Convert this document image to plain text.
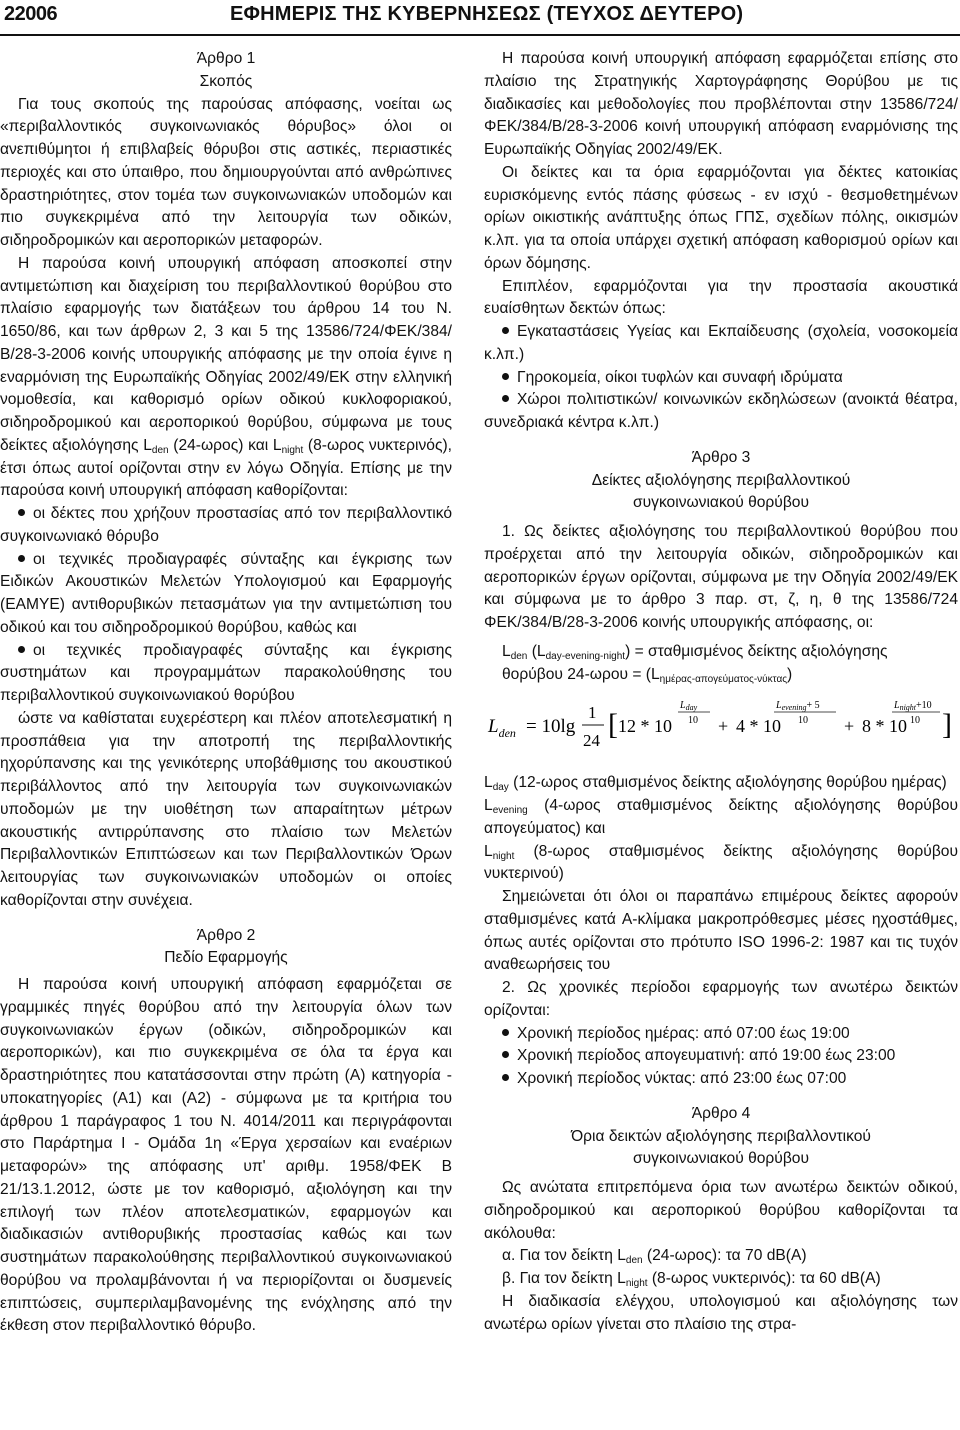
22006	ΕΦΗΜΕΡΙΣ ΤΗΣ ΚΥΒΕΡΝΗΣΕΩΣ (ΤΕΥΧΟΣ ΔΕΥΤΕΡΟ)

Άρθρο 1

Σκοπός

Για τους σκοπούς της παρούσας απόφασης, νοείται ως «περιβαλλοντικός συγκοινωνιακός θόρυβος» όλοι οι ανεπιθύμητοι ή επιβλαβείς θόρυβοι στις αστικές, περιαστικές περιοχές και στο ύπαιθρο, που δημιουργούνται από ανθρώπινες δραστηριότητες, στον τομέα των συγκοινωνιακών υποδομών και πιο συγκεκριμένα από την λειτουργία των οδικών, σιδηροδρομικών και αεροπορικών μεταφορών.

Η παρούσα κοινή υπουργική απόφαση αποσκοπεί στην αντιμετώπιση και διαχείριση του περιβαλλοντικού θορύβου στο πλαίσιο εφαρμογής των διατάξεων του άρθρου 14 του Ν. 1650/86, και των άρθρων 2, 3 και 5 της 13586/724/ΦΕΚ/384/Β/28-3-2006 κοινής υπουργικής απόφασης με την οποία έγινε η εναρμόνιση της Ευρωπαϊκής Οδηγίας 2002/49/ΕΚ στην ελληνική νομοθεσία, και καθορισμό ορίων οδικού κυκλοφοριακού, σιδηροδρομικού και αεροπορικού θορύβου, σύμφωνα με τους δείκτες αξιολόγησης $L_{den}$ (24-ωρος) και $L_{night}$ (8-ωρος νυκτερινός), έτσι όπως αυτοί ορίζονται στην εν λόγω Οδηγία. Επίσης με την παρούσα κοινή υπουργική απόφαση καθορίζονται:

οι δέκτες που χρήζουν προστασίας από τον περιβαλλοντικό συγκοινωνιακό θόρυβο

οι τεχνικές προδιαγραφές σύνταξης και έγκρισης των Ειδικών Ακουστικών Μελετών Υπολογισμού και Εφαρμογής (ΕΑΜΥΕ) αντιθορυβικών πετασμάτων για την αντιμετώπιση του οδικού και του σιδηροδρομικού θορύβου, καθώς και

οι τεχνικές προδιαγραφές σύνταξης και έγκρισης συστημάτων και προγραμμάτων παρακολούθησης του περιβαλλοντικού συγκοινωνιακού θορύβου

ώστε να καθίσταται ευχερέστερη και πλέον αποτελεσματική η προσπάθεια για την αποτροπή της περιβαλλοντικής ηχορύπανσης και της γενικότερης υποβάθμισης του ακουστικού περιβάλλοντος από την λειτουργία των συγκοινωνιακών υποδομών με την υιοθέτηση των απαραίτητων μέτρων ακουστικής αντιρρύπανσης στο πλαίσιο των Μελετών Περιβαλλοντικών Επιπτώσεων και των Περιβαλλοντικών Όρων λειτουργίας των συγκοινωνιακών υποδομών οι οποίες καθορίζονται στην συνέχεια.

Άρθρο 2

Πεδίο Εφαρμογής

Η παρούσα κοινή υπουργική απόφαση εφαρμόζεται σε γραμμικές πηγές θορύβου από την λειτουργία όλων των συγκοινωνιακών έργων (οδικών, σιδηροδρομικών και αεροπορικών), και πιο συγκεκριμένα σε όλα τα έργα και δραστηριότητες που κατατάσσονται στην πρώτη (Α) κατηγορία - υποκατηγορίες (Α1) και (Α2) - σύμφωνα με τα κριτήρια του άρθρου 1 παράγραφος 1 του Ν. 4014/2011 και περιγράφονται στο Παράρτημα Ι - Ομάδα 1η «Έργα χερσαίων και εναέριων μεταφορών» της απόφασης υπ' αριθμ. 1958/ΦΕΚ Β 21/13.1.2012, ώστε με τον καθορισμό, αξιολόγηση και την επιλογή των πλέον αποτελεσματικών, εφαρμογών και διαδικασιών αντιθορυβικής προστασίας καθώς και των συστημάτων παρακολούθησης περιβαλλοντικού συγκοινωνιακού θορύβου να προλαμβάνονται ή να περιορίζονται οι δυσμενείς επιπτώσεις, συμπεριλαμβανομένης της ενόχλησης από την έκθεση στον περιβαλλοντικό θόρυβο.

Η παρούσα κοινή υπουργική απόφαση εφαρμόζεται επίσης στο πλαίσιο της Στρατηγικής Χαρτογράφησης Θορύβου με τις διαδικασίες και μεθοδολογίες που προβλέπονται στην 13586/724/ΦΕΚ/384/Β/28-3-2006 κοινή υπουργική απόφαση εναρμόνισης της Ευρωπαϊκής Οδηγίας 2002/49/ΕΚ.

Οι δείκτες και τα όρια εφαρμόζονται για δέκτες κατοικίας ευρισκόμενης εντός πάσης φύσεως - εν ισχύ - θεσμοθετημένων ορίων οικιστικής ανάπτυξης όπως ΓΠΣ, σχεδίων πόλης, οικισμών κ.λπ. για τα οποία υπάρχει σχετική απόφαση καθορισμού ορίων και όρων δόμησης.

Επιπλέον, εφαρμόζονται για την προστασία ακουστικά ευαίσθητων δεκτών όπως:

Εγκαταστάσεις Υγείας και Εκπαίδευσης (σχολεία, νοσοκομεία κ.λπ.)

Γηροκομεία, οίκοι τυφλών και συναφή ιδρύματα

Χώροι πολιτιστικών/ κοινωνικών εκδηλώσεων (ανοικτά θέατρα, συνεδριακά κέντρα κ.λπ.)

Άρθρο 3

Δείκτες αξιολόγησης περιβαλλοντικού

συγκοινωνιακού θορύβου

1. Ως δείκτες αξιολόγησης του περιβαλλοντικού θορύβου που προέρχεται από την λειτουργία οδικών, σιδηροδρομικών και αεροπορικών έργων ορίζονται, σύμφωνα με την Οδηγία 2002/49/ΕΚ και σύμφωνα με το άρθρο 3 παρ. στ, ζ, η, θ της 13586/724 ΦΕΚ/384/Β/28-3-2006 κοινής υπουργικής απόφασης, οι:

$L_{den}$ $(L_{day-evening-night}) = \sigma\tau\alpha\theta\mu\iota\sigma\mu έ\nu o\varsigma$ δείκτης αξιολόγησης

θορύβου $24-\omega\rho o\upsilon = (L_{\eta\mu έ\rho\alpha\varsigma-\alpha\pi o\gamma\varepsilon ύ\mu\alpha\tau o\varsigma-\nu ύ\kappa\tau\alpha\varsigma})$

$L_{den} = 10\lg$
1
24 [ 12 * 10
$L_{day}$
10 + 4 * 10
$L_{evening}+ 5$
10 + 8 * 10
$L_{night}+10$
10 ]

$L_{day}$ (12-ωρος σταθμισμένος δείκτης αξιολόγησης θορύβου ημέρας)

$L_{evening}$ (4-ωρος σταθμισμένος δείκτης αξιολόγησης θορύβου απογεύματος) και

$L_{night}$ (8-ωρος σταθμισμένος δείκτης αξιολόγησης θορύβου νυκτερινού)

Σημειώνεται ότι όλοι οι παραπάνω επιμέρους δείκτες αφορούν σταθμισμένες κατά Α-κλίμακα μακροπρόθεσμες μέσες ηχοστάθμες, όπως αυτές ορίζονται στο πρότυπο ISO 1996-2: 1987 και τις τυχόν αναθεωρήσεις του

2. Ως χρονικές περίοδοι εφαρμογής των ανωτέρω δεικτών ορίζονται:

Χρονική περίοδος ημέρας: από 07:00 έως 19:00

Χρονική περίοδος απογευματινή: από 19:00 έως 23:00

Χρονική περίοδος νύκτας: από 23:00 έως 07:00

Άρθρο 4

Όρια δεικτών αξιολόγησης περιβαλλοντικού

συγκοινωνιακού θορύβου

Ως ανώτατα επιτρεπόμενα όρια των ανωτέρω δεικτών οδικού, σιδηροδρομικού και αεροπορικού θορύβου καθορίζονται τα ακόλουθα:

α. Για τον δείκτη $L_{den}$ (24-ωρος): τα 70 dB(A)

β. Για τον δείκτη $L_{night}$ (8-ωρος νυκτερινός): τα 60 dB(A)

Η διαδικασία ελέγχου, υπολογισμού και αξιολόγησης των ανωτέρω ορίων γίνεται στο πλαίσιο της στρα-
